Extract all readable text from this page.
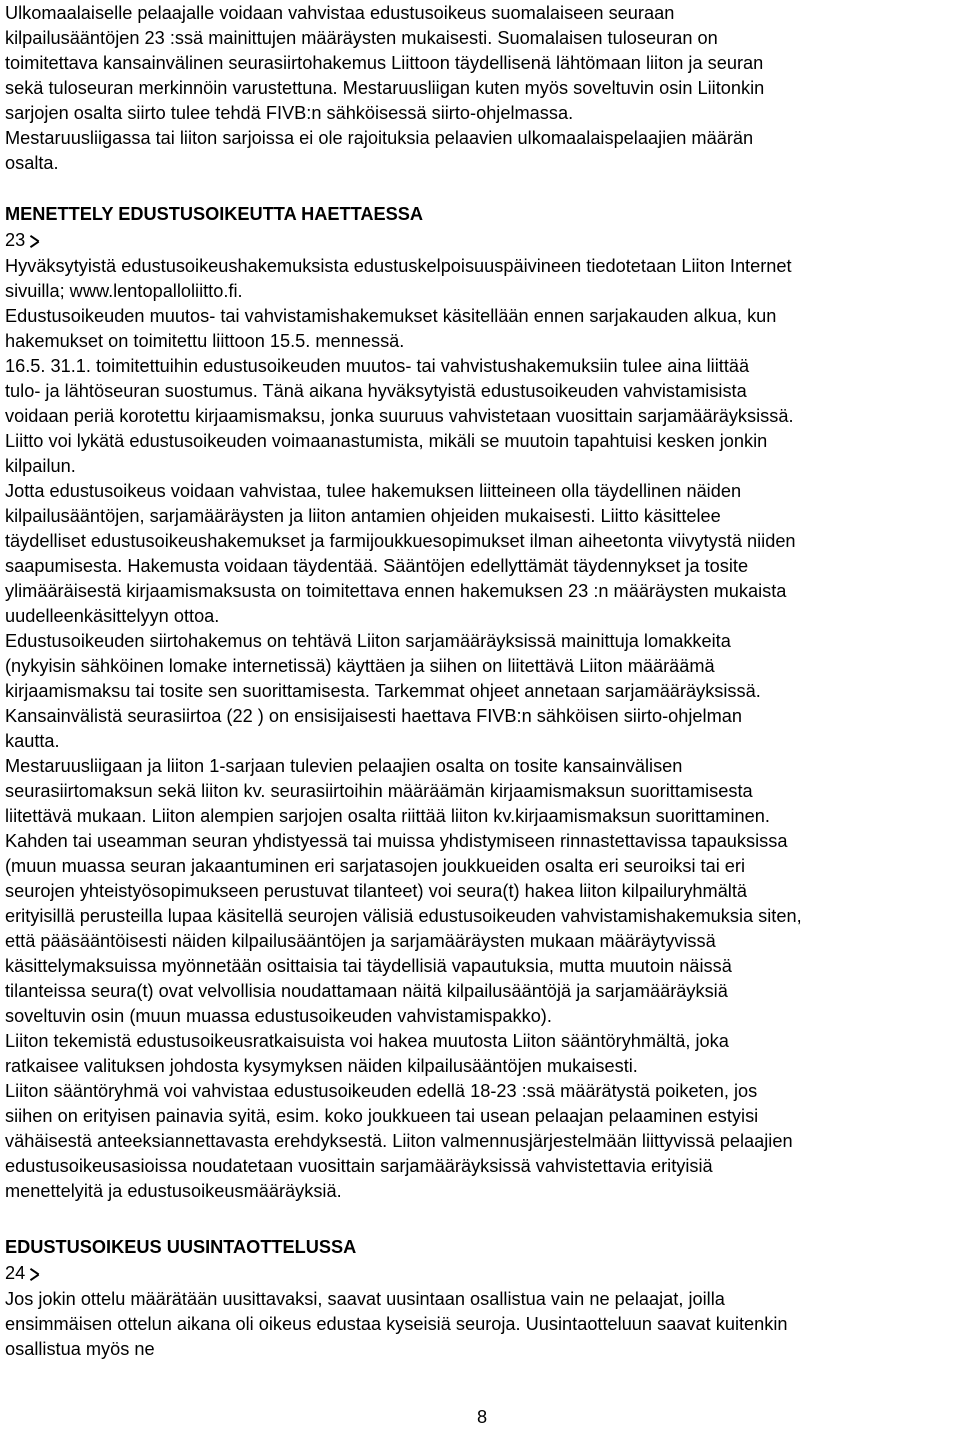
Ulkomaalaiselle pelaajalle voidaan vahvistaa edustusoikeus suomalaiseen seuraan
kilpailusääntöjen 23 :ssä mainittujen määräysten mukaisesti. Suomalaisen tuloseuran on
toimitettava kansainvälinen seurasiirtohakemus Liittoon täydellisenä lähtömaan liiton ja seuran
sekä tuloseuran merkinnöin varustettuna. Mestaruusliigan kuten myös soveltuvin osin Liitonkin
sarjojen osalta siirto tulee tehdä FIVB:n sähköisessä siirto-ohjelmassa.
Mestaruusliigassa tai liiton sarjoissa ei ole rajoituksia pelaavien ulkomaalaispelaajien määrän
osalta.
MENETTELY EDUSTUSOIKEUTTA HAETTAESSA
23
Hyväksytyistä edustusoikeushakemuksista edustuskelpoisuuspäivineen tiedotetaan Liiton Internet
sivuilla; www.lentopalloliitto.fi.
Edustusoikeuden muutos- tai vahvistamishakemukset käsitellään ennen sarjakauden alkua, kun
hakemukset on toimitettu liittoon 15.5. mennessä.
16.5. 31.1. toimitettuihin edustusoikeuden muutos- tai vahvistushakemuksiin tulee aina liittää
tulo- ja lähtöseuran suostumus. Tänä aikana hyväksytyistä edustusoikeuden vahvistamisista
voidaan periä korotettu kirjaamismaksu, jonka suuruus vahvistetaan vuosittain sarjamääräyksissä.
Liitto voi lykätä edustusoikeuden voimaanastumista, mikäli se muutoin tapahtuisi kesken jonkin
kilpailun.
Jotta edustusoikeus voidaan vahvistaa, tulee hakemuksen liitteineen olla täydellinen näiden
kilpailusääntöjen, sarjamääräysten ja liiton antamien ohjeiden mukaisesti. Liitto käsittelee
täydelliset edustusoikeushakemukset ja farmijoukkuesopimukset ilman aiheetonta viivytystä niiden
saapumisesta. Hakemusta voidaan täydentää. Sääntöjen edellyttämät täydennykset ja tosite
ylimääräisestä kirjaamismaksusta on toimitettava ennen hakemuksen 23 :n määräysten mukaista
uudelleenkäsittelyyn ottoa.
Edustusoikeuden siirtohakemus on tehtävä Liiton sarjamääräyksissä mainittuja lomakkeita
(nykyisin sähköinen lomake internetissä) käyttäen ja siihen on liitettävä Liiton määräämä
kirjaamismaksu tai tosite sen suorittamisesta. Tarkemmat ohjeet annetaan sarjamääräyksissä.
Kansainvälistä seurasiirtoa (22 ) on ensisijaisesti haettava FIVB:n sähköisen siirto-ohjelman
kautta.
Mestaruusliigaan ja liiton 1-sarjaan tulevien pelaajien osalta on tosite kansainvälisen
seurasiirtomaksun sekä liiton kv. seurasiirtoihin määräämän kirjaamismaksun suorittamisesta
liitettävä mukaan. Liiton alempien sarjojen osalta riittää liiton kv.kirjaamismaksun suorittaminen.
Kahden tai useamman seuran yhdistyessä tai muissa yhdistymiseen rinnastettavissa tapauksissa
(muun muassa seuran jakaantuminen eri sarjatasojen joukkueiden osalta eri seuroiksi tai eri
seurojen yhteistyösopimukseen perustuvat tilanteet) voi seura(t) hakea liiton kilpailuryhmältä
erityisillä perusteilla lupaa käsitellä seurojen välisiä edustusoikeuden vahvistamishakemuksia siten,
että pääsääntöisesti näiden kilpailusääntöjen ja sarjamääräysten mukaan määräytyvissä
käsittelymaksuissa myönnetään osittaisia tai täydellisiä vapautuksia, mutta muutoin näissä
tilanteissa seura(t) ovat velvollisia noudattamaan näitä kilpailusääntöjä ja sarjamääräyksiä
soveltuvin osin (muun muassa edustusoikeuden vahvistamispakko).
Liiton tekemistä edustusoikeusratkaisuista voi hakea muutosta Liiton sääntöryhmältä, joka
ratkaisee valituksen johdosta kysymyksen näiden kilpailusääntöjen mukaisesti.
Liiton sääntöryhmä voi vahvistaa edustusoikeuden edellä 18-23 :ssä määrätystä poiketen, jos
siihen on erityisen painavia syitä, esim. koko joukkueen tai usean pelaajan pelaaminen estyisi
vähäisestä anteeksiannettavasta erehdyksestä. Liiton valmennusjärjestelmään liittyvissä pelaajien
edustusoikeusasioissa noudatetaan vuosittain sarjamääräyksissä vahvistettavia erityisiä
menettelyitä ja edustusoikeusmääräyksiä.
EDUSTUSOIKEUS UUSINTAOTTELUSSA
24
Jos jokin ottelu määrätään uusittavaksi, saavat uusintaan osallistua vain ne pelaajat, joilla
ensimmäisen ottelun aikana oli oikeus edustaa kyseisiä seuroja. Uusintaotteluun saavat kuitenkin
osallistua myös ne
8
